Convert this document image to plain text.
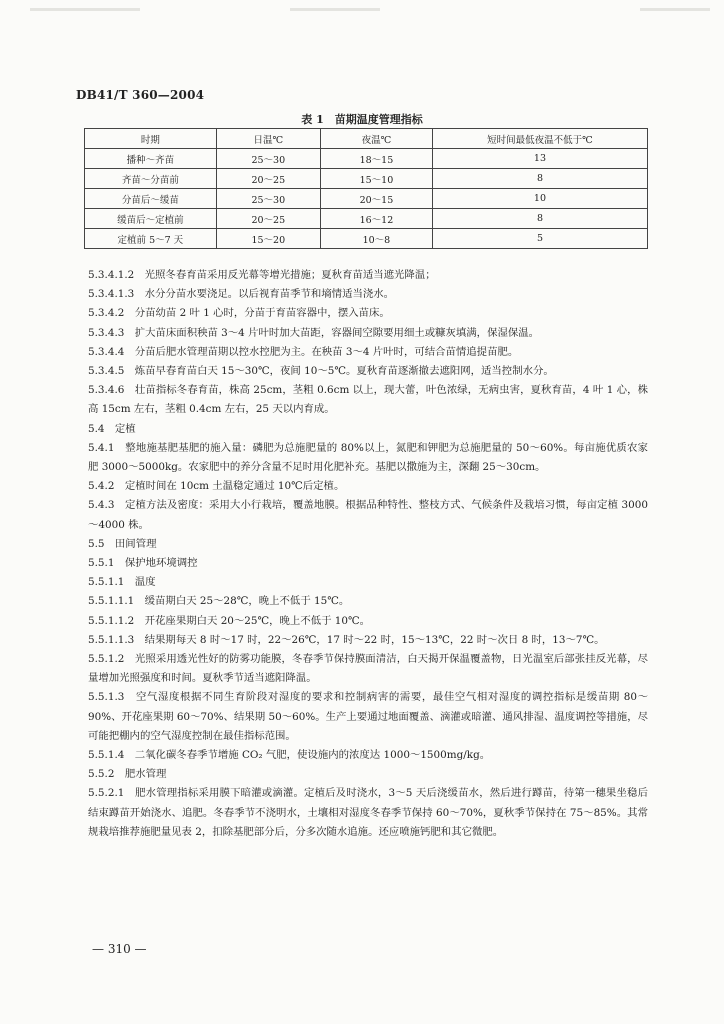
DB41/T 360—2004
表 1　苗期温度管理指标
时期	日温℃	夜温℃	短时间最低夜温不低于℃
播种～齐苗	25～30	18～15	13
齐苗～分苗前	20～25	15～10	8
分苗后～缓苗	25～30	20～15	10
缓苗后～定植前	20～25	16～12	8
定植前 5～7 天	15～20	10～8	5

5.3.4.1.2　光照冬春育苗采用反光幕等增光措施；夏秋育苗适当遮光降温；

5.3.4.1.3　水分分苗水要浇足。以后视育苗季节和墒情适当浇水。

5.3.4.2　分苗幼苗 2 叶 1 心时，分苗于育苗容器中，摆入苗床。

5.3.4.3　扩大苗床面积秧苗 3～4 片叶时加大苗距，容器间空隙要用细土或糠灰填满，保湿保温。

5.3.4.4　分苗后肥水管理苗期以控水控肥为主。在秧苗 3～4 片叶时，可结合苗情追提苗肥。

5.3.4.5　炼苗早春育苗白天 15～30℃，夜间 10～5℃。夏秋育苗逐渐撤去遮阳网，适当控制水分。

5.3.4.6　壮苗指标冬春育苗，株高 25cm，茎粗 0.6cm 以上，现大蕾，叶色浓绿，无病虫害，夏秋育苗，4 叶 1 心，株高 15cm 左右，茎粗 0.4cm 左右，25 天以内育成。

5.4　定植

5.4.1　整地施基肥基肥的施入量：磷肥为总施肥量的 80%以上，氮肥和钾肥为总施肥量的 50～60%。每亩施优质农家肥 3000～5000kg。农家肥中的养分含量不足时用化肥补充。基肥以撒施为主，深翻 25～30cm。

5.4.2　定植时间在 10cm 土温稳定通过 10℃后定植。

5.4.3　定植方法及密度：采用大小行栽培，覆盖地膜。根据品种特性、整枝方式、气候条件及栽培习惯，每亩定植 3000～4000 株。

5.5　田间管理

5.5.1　保护地环境调控

5.5.1.1　温度

5.5.1.1.1　缓苗期白天 25～28℃，晚上不低于 15℃。

5.5.1.1.2　开花座果期白天 20～25℃，晚上不低于 10℃。

5.5.1.1.3　结果期每天 8 时～17 时，22～26℃，17 时～22 时，15～13℃，22 时～次日 8 时，13～7℃。

5.5.1.2　光照采用透光性好的防雾功能膜，冬春季节保持膜面清洁，白天揭开保温覆盖物，日光温室后部张挂反光幕，尽量增加光照强度和时间。夏秋季节适当遮阳降温。

5.5.1.3　空气湿度根据不同生育阶段对湿度的要求和控制病害的需要，最佳空气相对湿度的调控指标是缓苗期 80～90%、开花座果期 60～70%、结果期 50～60%。生产上要通过地面覆盖、滴灌或暗灌、通风排湿、温度调控等措施，尽可能把棚内的空气湿度控制在最佳指标范围。

5.5.1.4　二氧化碳冬春季节增施 CO₂ 气肥，使设施内的浓度达 1000～1500mg/kg。

5.5.2　肥水管理

5.5.2.1　肥水管理指标采用膜下暗灌或滴灌。定植后及时浇水，3～5 天后浇缓苗水，然后进行蹲苗，待第一穗果坐稳后结束蹲苗开始浇水、追肥。冬春季节不浇明水，土壤相对湿度冬春季节保持 60～70%，夏秋季节保持在 75～85%。其常规栽培推荐施肥量见表 2，扣除基肥部分后，分多次随水追施。还应喷施钙肥和其它微肥。

— 310 —
